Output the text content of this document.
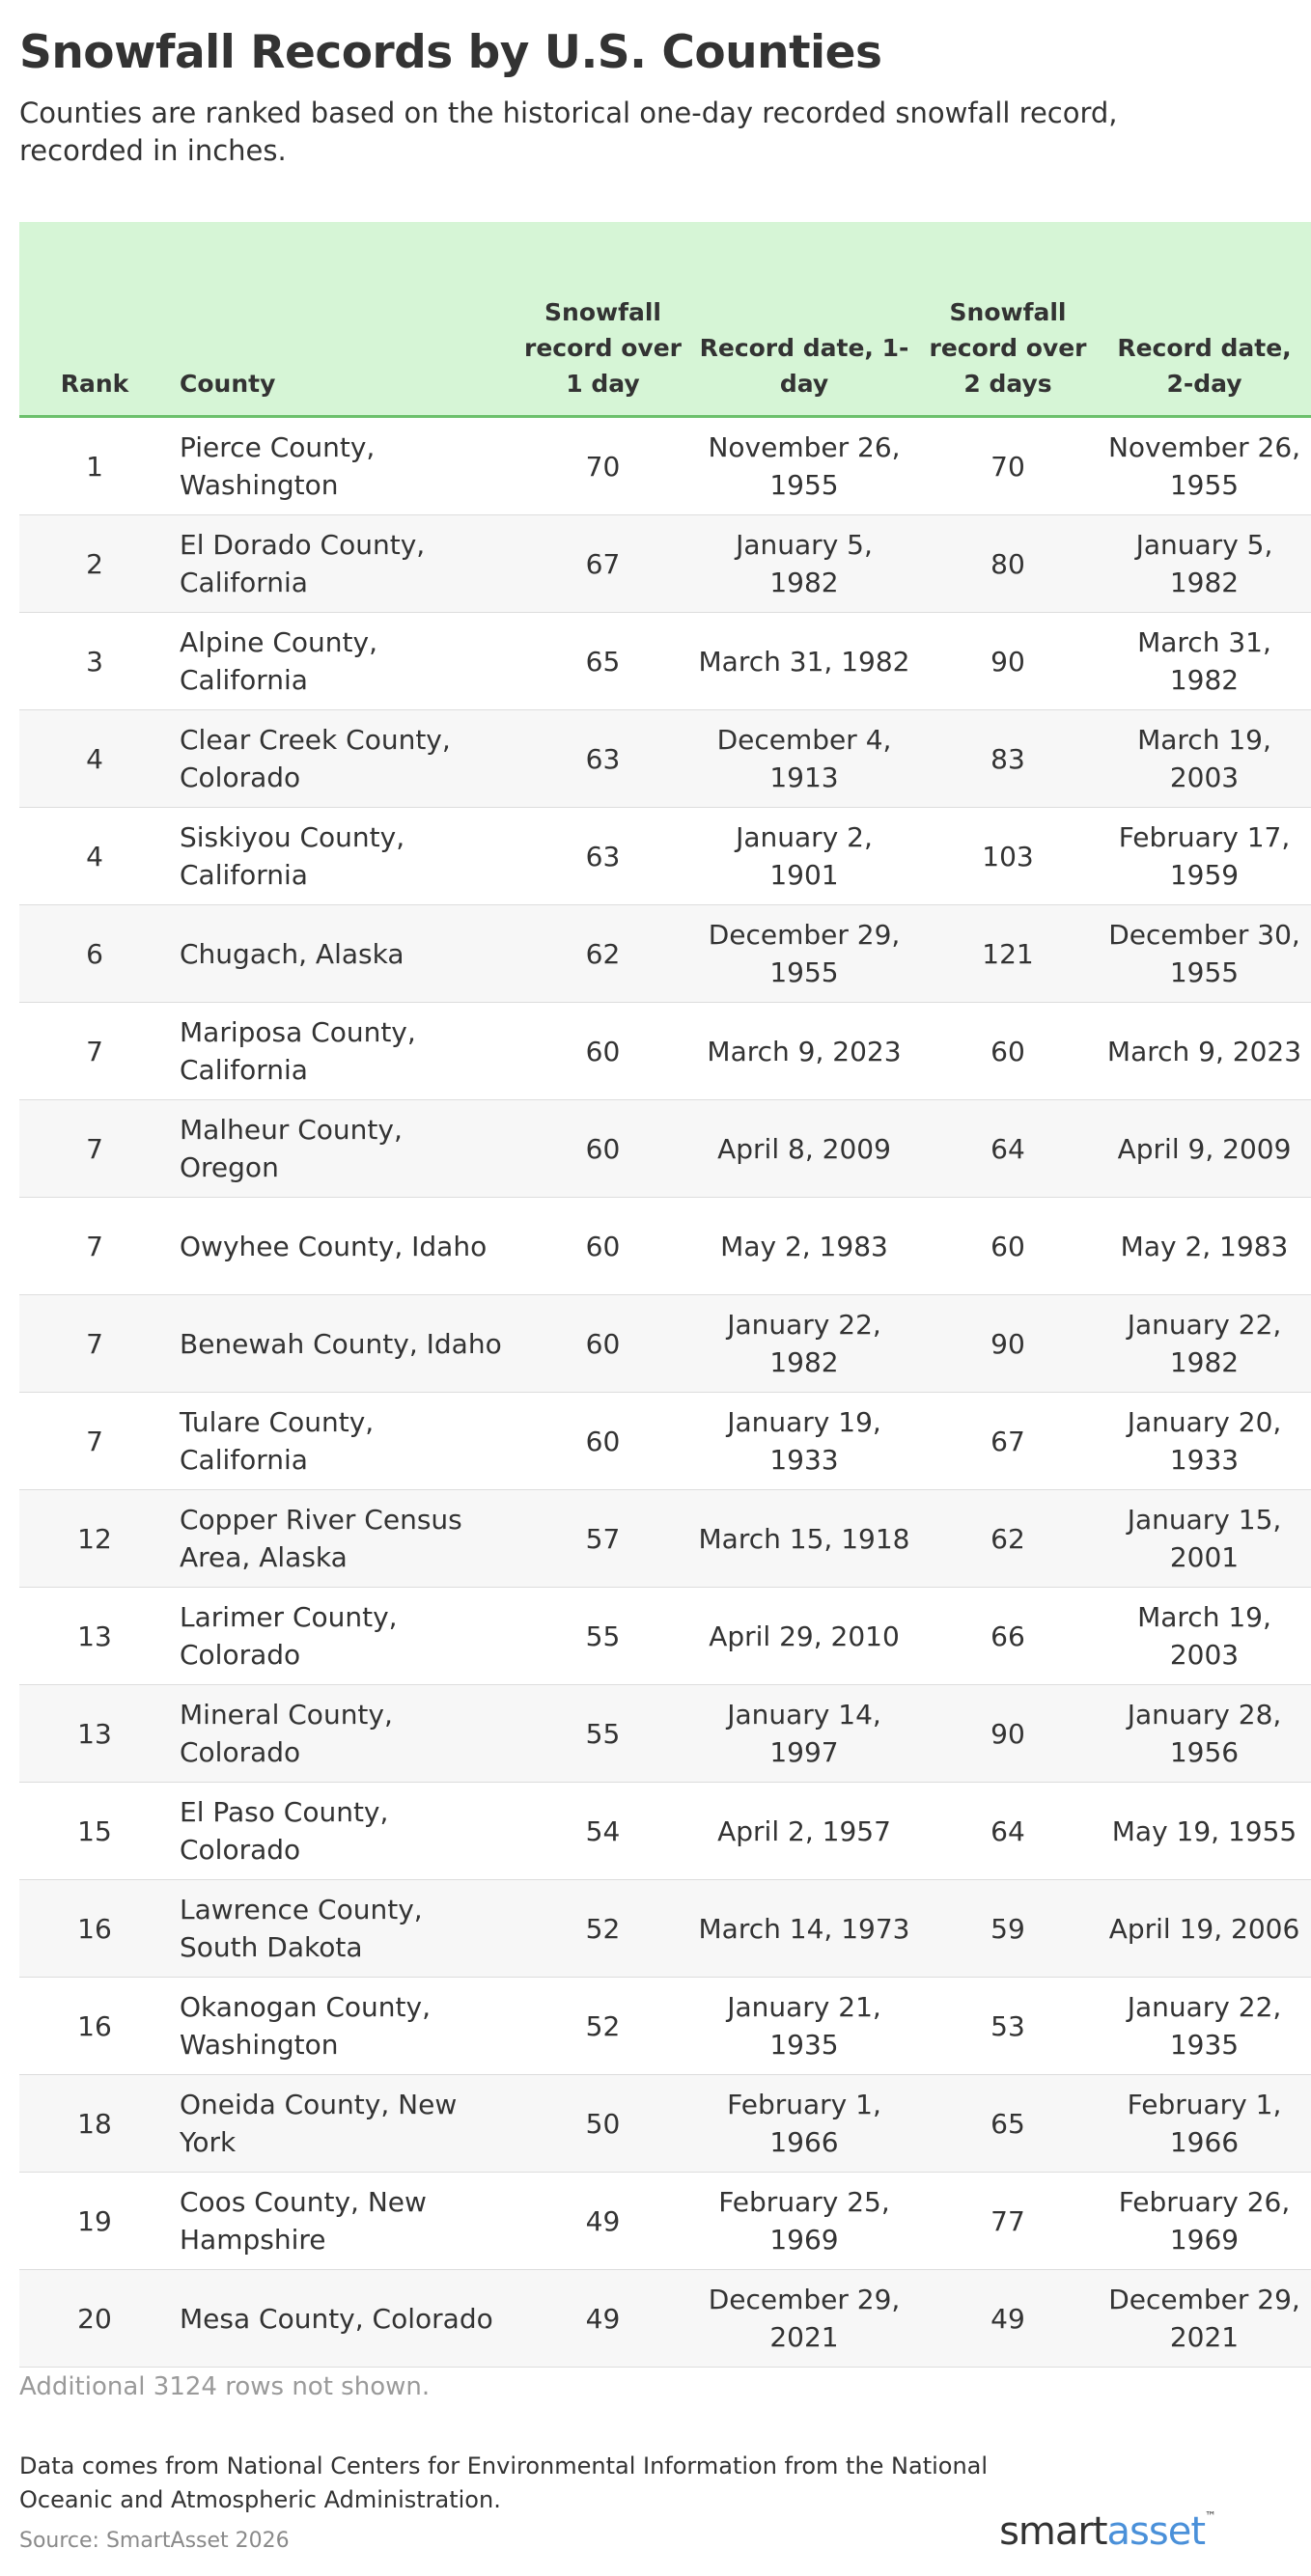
Snowfall Records by U.S. Counties
Counties are ranked based on the historical one-day recorded snowfall record, recorded in inches.
Rank	County	Snowfall record over 1 day	Record date, 1-day	Snowfall record over 2 days	Record date, 2-day
1	Pierce County, Washington	70	November 26, 1955	70	November 26, 1955
2	El Dorado County, California	67	January 5, 1982	80	January 5, 1982
3	Alpine County, California	65	March 31, 1982	90	March 31, 1982
4	Clear Creek County, Colorado	63	December 4, 1913	83	March 19, 2003
4	Siskiyou County, California	63	January 2, 1901	103	February 17, 1959
6	Chugach, Alaska	62	December 29, 1955	121	December 30, 1955
7	Mariposa County, California	60	March 9, 2023	60	March 9, 2023
7	Malheur County, Oregon	60	April 8, 2009	64	April 9, 2009
7	Owyhee County, Idaho	60	May 2, 1983	60	May 2, 1983
7	Benewah County, Idaho	60	January 22, 1982	90	January 22, 1982
7	Tulare County, California	60	January 19, 1933	67	January 20, 1933
12	Copper River Census Area, Alaska	57	March 15, 1918	62	January 15, 2001
13	Larimer County, Colorado	55	April 29, 2010	66	March 19, 2003
13	Mineral County, Colorado	55	January 14, 1997	90	January 28, 1956
15	El Paso County, Colorado	54	April 2, 1957	64	May 19, 1955
16	Lawrence County, South Dakota	52	March 14, 1973	59	April 19, 2006
16	Okanogan County, Washington	52	January 21, 1935	53	January 22, 1935
18	Oneida County, New York	50	February 1, 1966	65	February 1, 1966
19	Coos County, New Hampshire	49	February 25, 1969	77	February 26, 1969
20	Mesa County, Colorado	49	December 29, 2021	49	December 29, 2021
Additional 3124 rows not shown.
Data comes from National Centers for Environmental Information from the National Oceanic and Atmospheric Administration.
Source: SmartAsset 2026	smartasset™
